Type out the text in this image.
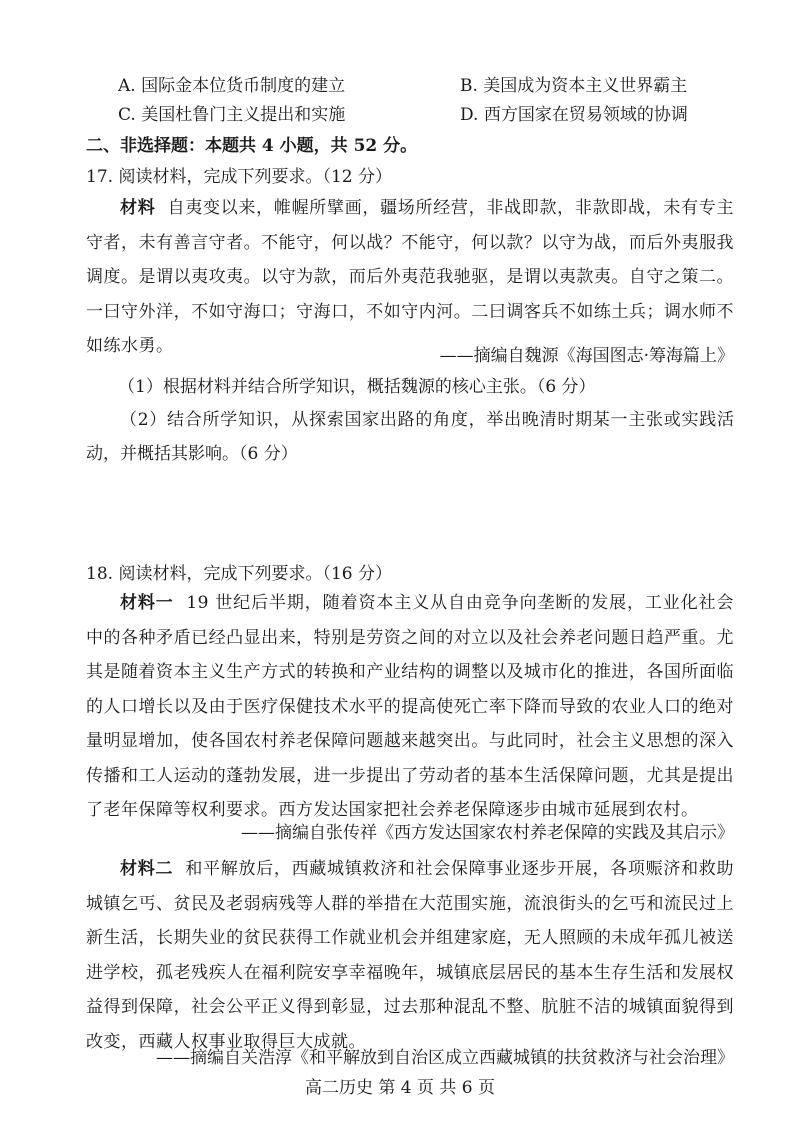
A. 国际金本位货币制度的建立	B. 美国成为资本主义世界霸主
C. 美国杜鲁门主义提出和实施	D. 西方国家在贸易领域的协调
二、非选择题：本题共 4 小题，共 52 分。
17. 阅读材料，完成下列要求。（12 分）
材料 自夷变以来，帷幄所擘画，疆场所经营，非战即款，非款即战，未有专主守者，未有善言守者。不能守，何以战？不能守，何以款？以守为战，而后外夷服我调度。是谓以夷攻夷。以守为款，而后外夷范我驰驱，是谓以夷款夷。自守之策二。一曰守外洋，不如守海口；守海口，不如守内河。二曰调客兵不如练土兵；调水师不如练水勇。	——摘编自魏源《海国图志·筹海篇上》
（1）根据材料并结合所学知识，概括魏源的核心主张。（6 分）
（2）结合所学知识，从探索国家出路的角度，举出晚清时期某一主张或实践活动，并概括其影响。（6 分）
18. 阅读材料，完成下列要求。（16 分）
材料一 19 世纪后半期，随着资本主义从自由竞争向垄断的发展，工业化社会中的各种矛盾已经凸显出来，特别是劳资之间的对立以及社会养老问题日趋严重。尤其是随着资本主义生产方式的转换和产业结构的调整以及城市化的推进，各国所面临的人口增长以及由于医疗保健技术水平的提高使死亡率下降而导致的农业人口的绝对量明显增加，使各国农村养老保障问题越来越突出。与此同时，社会主义思想的深入传播和工人运动的蓬勃发展，进一步提出了劳动者的基本生活保障问题，尤其是提出了老年保障等权利要求。西方发达国家把社会养老保障逐步由城市延展到农村。
——摘编自张传祥《西方发达国家农村养老保障的实践及其启示》
材料二 和平解放后，西藏城镇救济和社会保障事业逐步开展，各项赈济和救助城镇乞丐、贫民及老弱病残等人群的举措在大范围实施，流浪街头的乞丐和流民过上新生活，长期失业的贫民获得工作就业机会并组建家庭，无人照顾的未成年孤儿被送进学校，孤老残疾人在福利院安享幸福晚年，城镇底层居民的基本生存生活和发展权益得到保障，社会公平正义得到彰显，过去那种混乱不整、肮脏不洁的城镇面貌得到改变，西藏人权事业取得巨大成就。
——摘编自关浩淳《和平解放到自治区成立西藏城镇的扶贫救济与社会治理》
高二历史 第 4 页 共 6 页
